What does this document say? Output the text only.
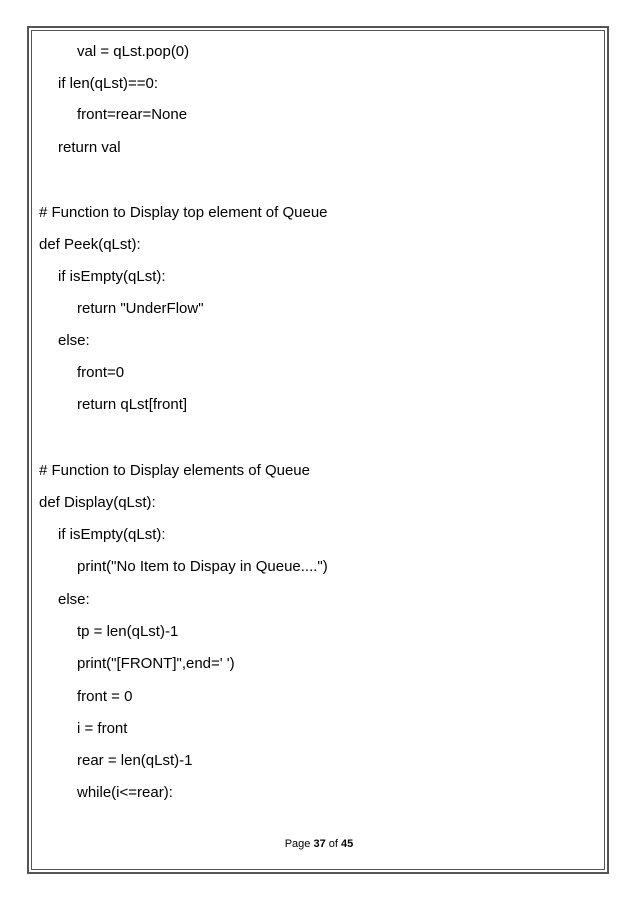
val = qLst.pop(0)
if len(qLst)==0:
front=rear=None
return val
# Function to Display top element of Queue
def Peek(qLst):
if isEmpty(qLst):
return "UnderFlow"
else:
front=0
return qLst[front]
# Function to Display elements of Queue
def Display(qLst):
if isEmpty(qLst):
print("No Item to Dispay in Queue....")
else:
tp = len(qLst)-1
print("[FRONT]",end=' ')
front = 0
i = front
rear = len(qLst)-1
while(i<=rear):
Page 37 of 45
